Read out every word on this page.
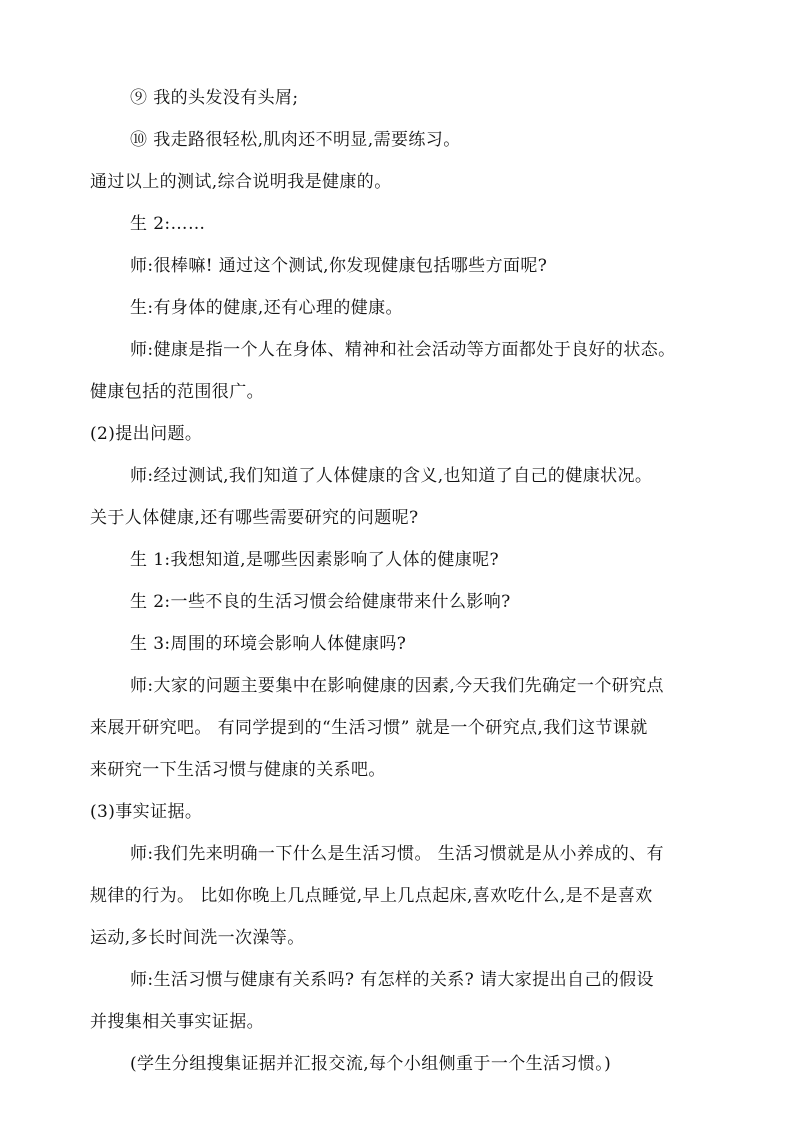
⑨ 我的头发没有头屑;
⑩ 我走路很轻松,肌肉还不明显,需要练习。
通过以上的测试,综合说明我是健康的。
生 2:……
师:很棒嘛! 通过这个测试,你发现健康包括哪些方面呢?
生:有身体的健康,还有心理的健康。
师:健康是指一个人在身体、精神和社会活动等方面都处于良好的状态。
健康包括的范围很广。
(2)提出问题。
师:经过测试,我们知道了人体健康的含义,也知道了自己的健康状况。
关于人体健康,还有哪些需要研究的问题呢?
生 1:我想知道,是哪些因素影响了人体的健康呢?
生 2:一些不良的生活习惯会给健康带来什么影响?
生 3:周围的环境会影响人体健康吗?
师:大家的问题主要集中在影响健康的因素,今天我们先确定一个研究点
来展开研究吧。 有同学提到的“生活习惯” 就是一个研究点,我们这节课就
来研究一下生活习惯与健康的关系吧。
(3)事实证据。
师:我们先来明确一下什么是生活习惯。 生活习惯就是从小养成的、有
规律的行为。 比如你晚上几点睡觉,早上几点起床,喜欢吃什么,是不是喜欢
运动,多长时间洗一次澡等。
师:生活习惯与健康有关系吗? 有怎样的关系? 请大家提出自己的假设
并搜集相关事实证据。
(学生分组搜集证据并汇报交流,每个小组侧重于一个生活习惯。)
